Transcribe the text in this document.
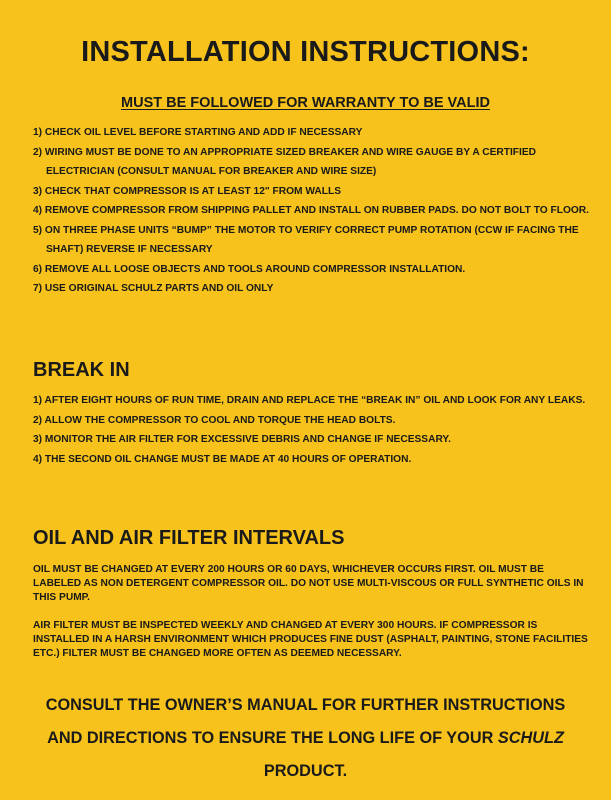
INSTALLATION INSTRUCTIONS:
MUST BE FOLLOWED FOR WARRANTY TO BE VALID
1) CHECK OIL LEVEL BEFORE STARTING AND ADD IF NECESSARY
2) WIRING MUST BE DONE TO AN APPROPRIATE SIZED BREAKER AND WIRE GAUGE BY A CERTIFIED ELECTRICIAN (CONSULT MANUAL FOR BREAKER AND WIRE SIZE)
3) CHECK THAT COMPRESSOR IS AT LEAST 12" FROM WALLS
4) REMOVE COMPRESSOR FROM SHIPPING PALLET AND INSTALL ON RUBBER PADS. DO NOT BOLT TO FLOOR.
5) ON THREE PHASE UNITS “BUMP” THE MOTOR TO VERIFY CORRECT PUMP ROTATION (CCW IF FACING THE SHAFT) REVERSE IF NECESSARY
6) REMOVE ALL LOOSE OBJECTS AND TOOLS AROUND COMPRESSOR INSTALLATION.
7) USE ORIGINAL SCHULZ PARTS AND OIL ONLY
BREAK IN
1) AFTER EIGHT HOURS OF RUN TIME, DRAIN AND REPLACE THE “BREAK IN” OIL AND LOOK FOR ANY LEAKS.
2) ALLOW THE COMPRESSOR TO COOL AND TORQUE THE HEAD BOLTS.
3) MONITOR THE AIR FILTER FOR EXCESSIVE DEBRIS AND CHANGE IF NECESSARY.
4) THE SECOND OIL CHANGE MUST BE MADE AT 40 HOURS OF OPERATION.
OIL AND AIR FILTER INTERVALS

OIL MUST BE CHANGED AT EVERY 200 HOURS OR 60 DAYS, WHICHEVER OCCURS FIRST. OIL MUST BE LABELED AS NON DETERGENT COMPRESSOR OIL. DO NOT USE MULTI-VISCOUS OR FULL SYNTHETIC OILS IN THIS PUMP.

AIR FILTER MUST BE INSPECTED WEEKLY AND CHANGED AT EVERY 300 HOURS. IF COMPRESSOR IS INSTALLED IN A HARSH ENVIRONMENT WHICH PRODUCES FINE DUST (ASPHALT, PAINTING, STONE FACILITIES ETC.) FILTER MUST BE CHANGED MORE OFTEN AS DEEMED NECESSARY.

CONSULT THE OWNER’S MANUAL FOR FURTHER INSTRUCTIONS AND DIRECTIONS TO ENSURE THE LONG LIFE OF YOUR SCHULZ PRODUCT.
